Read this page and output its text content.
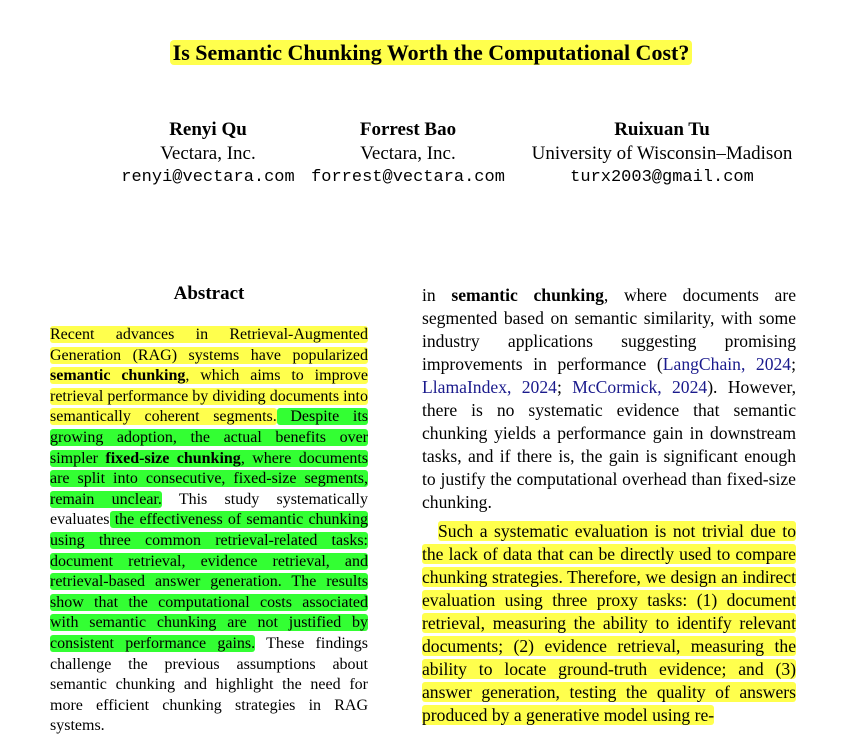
Is Semantic Chunking Worth the Computational Cost?
Renyi Qu
Vectara, Inc.
renyi@vectara.com
Forrest Bao
Vectara, Inc.
forrest@vectara.com
Ruixuan Tu
University of Wisconsin–Madison
turx2003@gmail.com
Abstract

Recent advances in Retrieval-Augmented Generation (RAG) systems have popularized semantic chunking, which aims to improve retrieval performance by dividing documents into semantically coherent segments. Despite its growing adoption, the actual benefits over simpler fixed-size chunking, where documents are split into consecutive, fixed-size segments, remain unclear. This study systematically evaluates the effectiveness of semantic chunking using three common retrieval-related tasks: document retrieval, evidence retrieval, and retrieval-based answer generation. The results show that the computational costs associated with semantic chunking are not justified by consistent performance gains. These findings challenge the previous assumptions about semantic chunking and highlight the need for more efficient chunking strategies in RAG systems.

in semantic chunking, where documents are segmented based on semantic similarity, with some industry applications suggesting promising improvements in performance (LangChain, 2024; LlamaIndex, 2024; McCormick, 2024). However, there is no systematic evidence that semantic chunking yields a performance gain in downstream tasks, and if there is, the gain is significant enough to justify the computational overhead than fixed-size chunking.

Such a systematic evaluation is not trivial due to the lack of data that can be directly used to compare chunking strategies. Therefore, we design an indirect evaluation using three proxy tasks: (1) document retrieval, measuring the ability to identify relevant documents; (2) evidence retrieval, measuring the ability to locate ground-truth evidence; and (3) answer generation, testing the quality of answers produced by a generative model using re-
